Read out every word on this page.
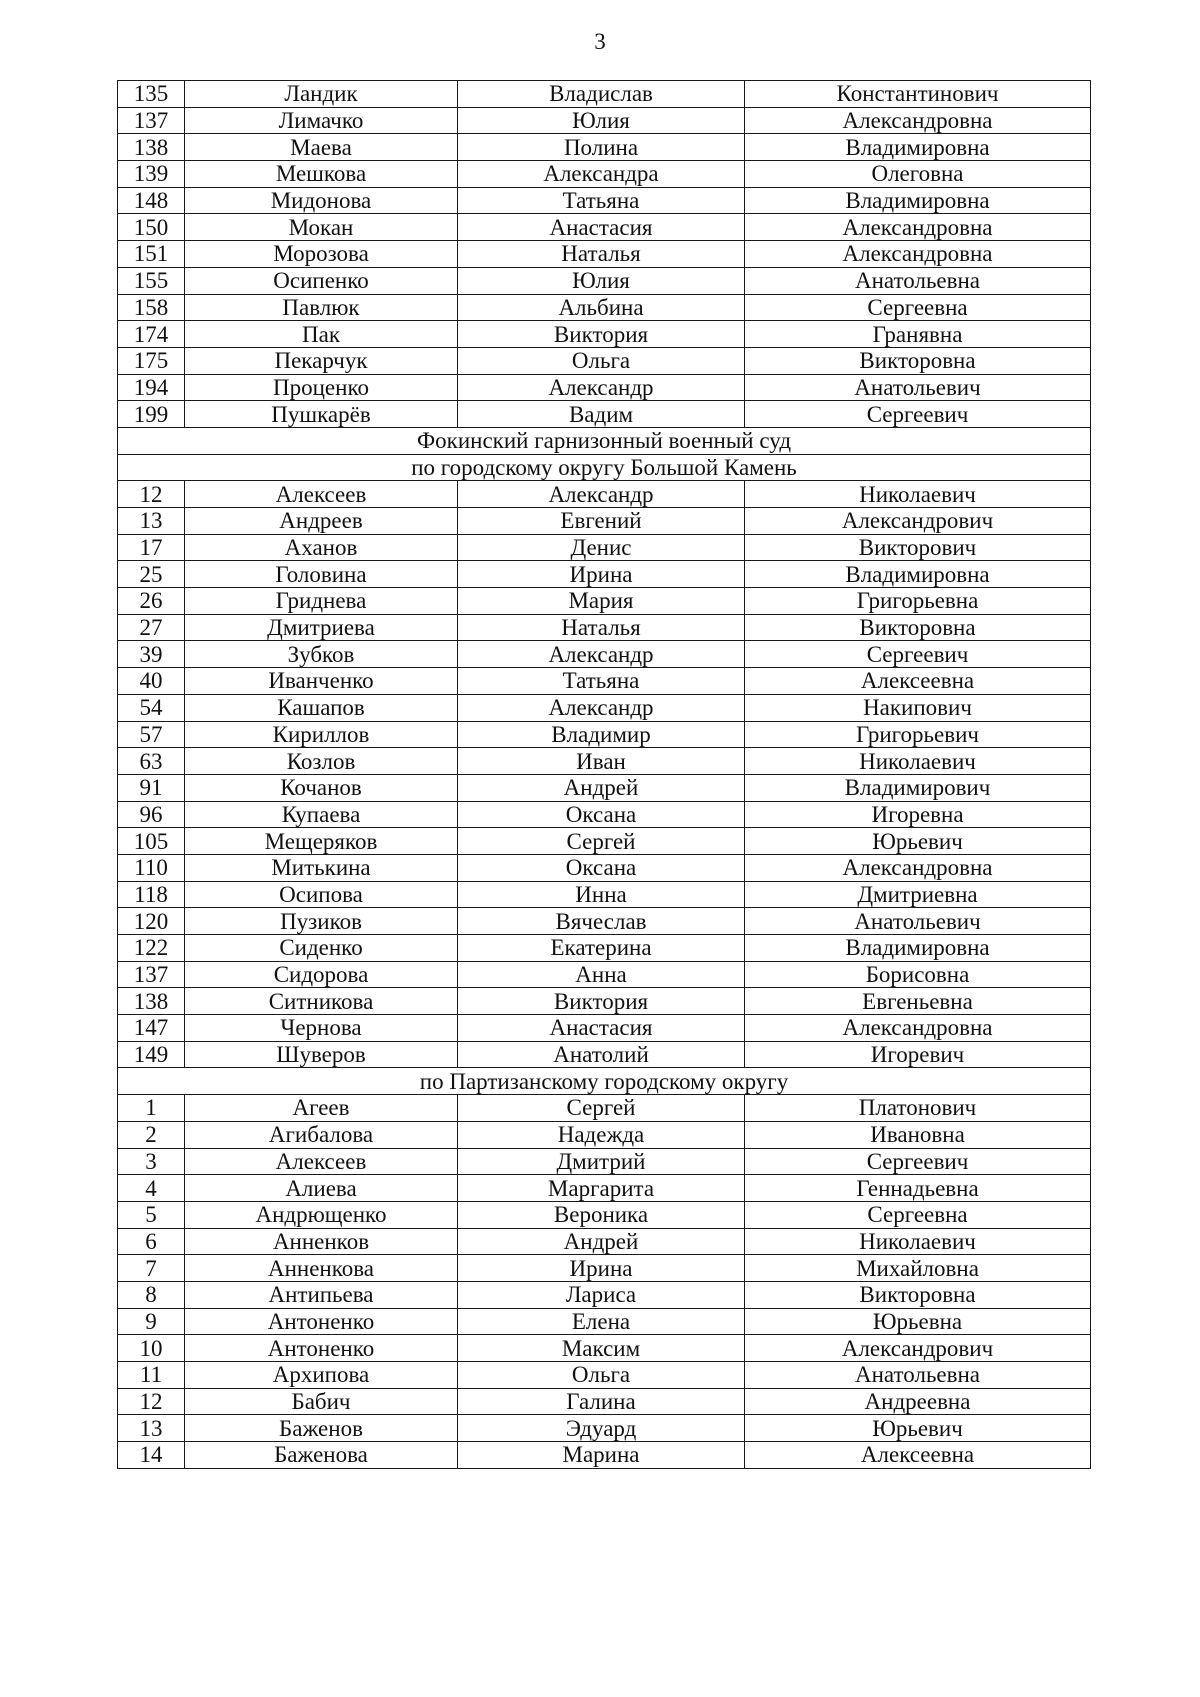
3
135	Ландик	Владислав	Константинович
137	Лимачко	Юлия	Александровна
138	Маева	Полина	Владимировна
139	Мешкова	Александра	Олеговна
148	Мидонова	Татьяна	Владимировна
150	Мокан	Анастасия	Александровна
151	Морозова	Наталья	Александровна
155	Осипенко	Юлия	Анатольевна
158	Павлюк	Альбина	Сергеевна
174	Пак	Виктория	Гранявна
175	Пекарчук	Ольга	Викторовна
194	Проценко	Александр	Анатольевич
199	Пушкарёв	Вадим	Сергеевич
Фокинский гарнизонный военный суд			
по городскому округу Большой Камень			
12	Алексеев	Александр	Николаевич
13	Андреев	Евгений	Александрович
17	Аханов	Денис	Викторович
25	Головина	Ирина	Владимировна
26	Гриднева	Мария	Григорьевна
27	Дмитриева	Наталья	Викторовна
39	Зубков	Александр	Сергеевич
40	Иванченко	Татьяна	Алексеевна
54	Кашапов	Александр	Накипович
57	Кириллов	Владимир	Григорьевич
63	Козлов	Иван	Николаевич
91	Кочанов	Андрей	Владимирович
96	Купаева	Оксана	Игоревна
105	Мещеряков	Сергей	Юрьевич
110	Митькина	Оксана	Александровна
118	Осипова	Инна	Дмитриевна
120	Пузиков	Вячеслав	Анатольевич
122	Сиденко	Екатерина	Владимировна
137	Сидорова	Анна	Борисовна
138	Ситникова	Виктория	Евгеньевна
147	Чернова	Анастасия	Александровна
149	Шуверов	Анатолий	Игоревич
по Партизанскому городскому округу			
1	Агеев	Сергей	Платонович
2	Агибалова	Надежда	Ивановна
3	Алексеев	Дмитрий	Сергеевич
4	Алиева	Маргарита	Геннадьевна
5	Андрющенко	Вероника	Сергеевна
6	Анненков	Андрей	Николаевич
7	Анненкова	Ирина	Михайловна
8	Антипьева	Лариса	Викторовна
9	Антоненко	Елена	Юрьевна
10	Антоненко	Максим	Александрович
11	Архипова	Ольга	Анатольевна
12	Бабич	Галина	Андреевна
13	Баженов	Эдуард	Юрьевич
14	Баженова	Марина	Алексеевна
